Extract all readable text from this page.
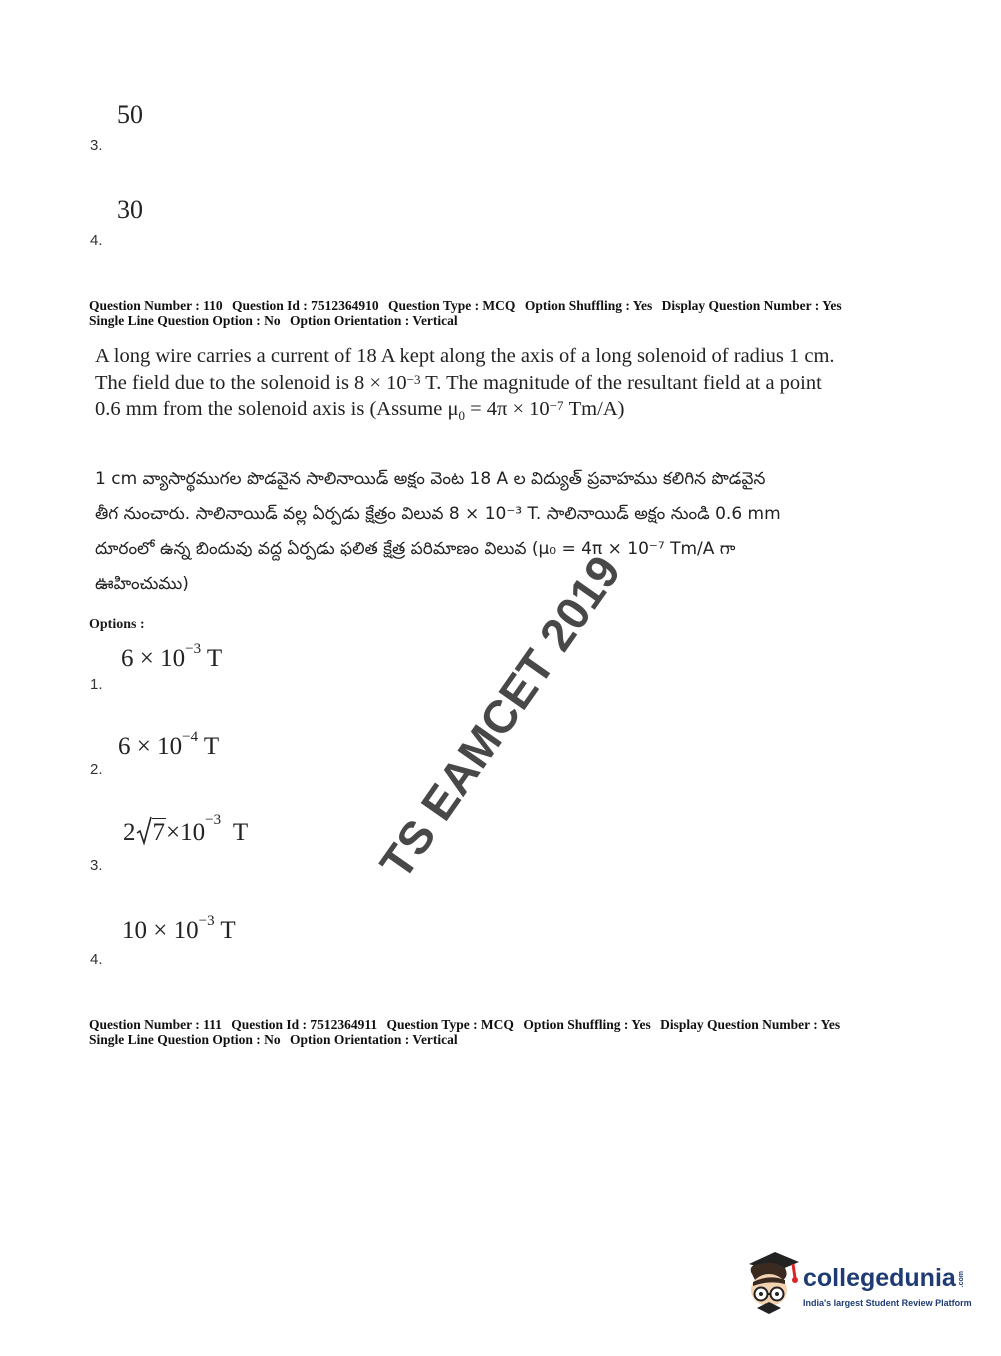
50
3.
30
4.
Question Number : 110 Question Id : 7512364910 Question Type : MCQ Option Shuffling : Yes Display Question Number : Yes
Single Line Question Option : No Option Orientation : Vertical
A long wire carries a current of 18 A kept along the axis of a long solenoid of radius 1 cm.
The field due to the solenoid is $8 \times 10^{-3}$ T. The magnitude of the resultant field at a point
0.6 mm from the solenoid axis is (Assume $\mu_0 = 4\pi \times 10^{-7}$ Tm/A)
1 cm వ్యాసార్థముగల పొడవైన సాలినాయిడ్ అక్షం వెంట 18 A ల విద్యుత్ ప్రవాహము కలిగిన పొడవైన
తీగ నుంచారు. సాలినాయిడ్ వల్ల ఏర్పడు క్షేత్రం విలువ 8 × 10⁻³ T. సాలినాయిడ్ అక్షం నుండి 0.6 mm
దూరంలో ఉన్న బిందువు వద్ద ఏర్పడు ఫలిత క్షేత్ర పరిమాణం విలువ (μ₀ = 4π × 10⁻⁷ Tm/A గా
ఊహించుము)
Options :
$6 \times 10^{-3}$ T
1.
$6 \times 10^{-4}$ T
2.
2 $7\times 10^{-3}$ T
3.
$10 \times 10^{-3}$ T
4.
Question Number : 111 Question Id : 7512364911 Question Type : MCQ Option Shuffling : Yes Display Question Number : Yes
Single Line Question Option : No Option Orientation : Vertical
TS EAMCET 2019
collegedunia .com
India's largest Student Review Platform
